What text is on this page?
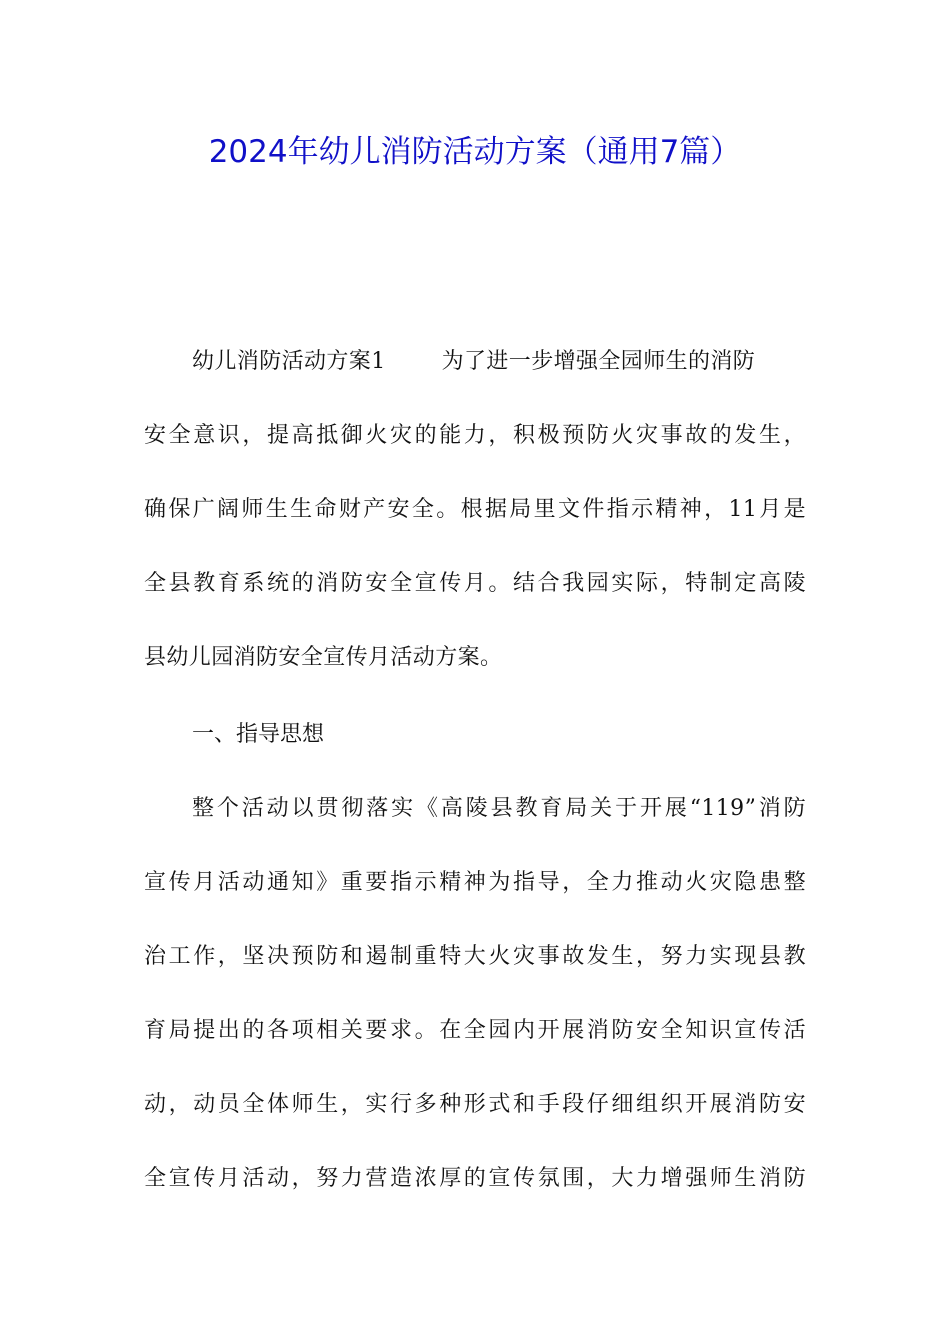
2024年幼儿消防活动方案（通用7篇）
幼儿消防活动方案1	为了进一步增强全园师生的消防
安全意识，提高抵御火灾的能力，积极预防火灾事故的发生，
确保广阔师生生命财产安全。根据局里文件指示精神，11月是
全县教育系统的消防安全宣传月。结合我园实际，特制定高陵
县幼儿园消防安全宣传月活动方案。
一、指导思想
整个活动以贯彻落实《高陵县教育局关于开展“119”消防
宣传月活动通知》重要指示精神为指导，全力推动火灾隐患整
治工作，坚决预防和遏制重特大火灾事故发生，努力实现县教
育局提出的各项相关要求。在全园内开展消防安全知识宣传活
动，动员全体师生，实行多种形式和手段仔细组织开展消防安
全宣传月活动，努力营造浓厚的宣传氛围，大力增强师生消防
